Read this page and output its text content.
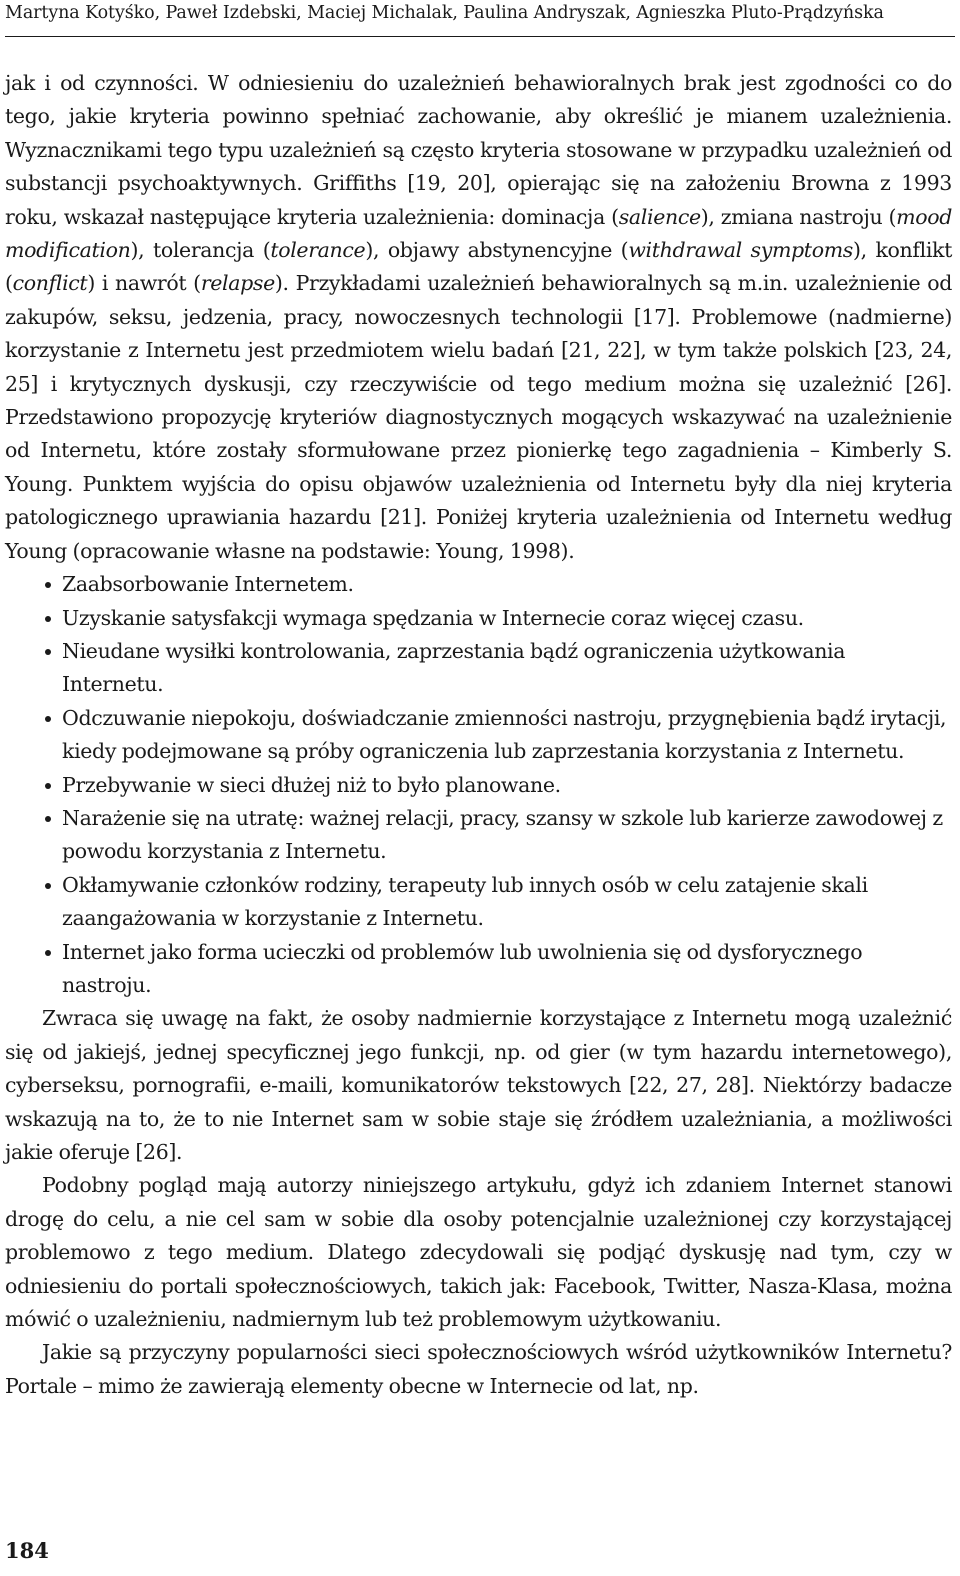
Martyna Kotyśko, Paweł Izdebski, Maciej Michalak, Paulina Andryszak, Agnieszka Pluto-Prądzyńska

jak i od czynności. W odniesieniu do uzależnień behawioralnych brak jest zgodności co do tego, jakie kryteria powinno spełniać zachowanie, aby określić je mianem uzależnienia. Wyznacznikami tego typu uzależnień są często kryteria stosowane w przypadku uzależnień od substancji psychoaktywnych. Griffiths [19, 20], opierając się na założeniu Browna z 1993 roku, wskazał następujące kryteria uzależnienia: dominacja (salience), zmiana nastroju (mood modification), tolerancja (tolerance), objawy abstynencyjne (withdrawal symptoms), konflikt (conflict) i nawrót (relapse). Przykładami uzależnień behawioralnych są m.in. uzależnienie od zakupów, seksu, jedzenia, pracy, nowoczesnych technologii [17]. Problemowe (nadmierne) korzystanie z Internetu jest przedmiotem wielu badań [21, 22], w tym także polskich [23, 24, 25] i krytycznych dyskusji, czy rzeczywiście od tego medium można się uzależnić [26]. Przedstawiono propozycję kryteriów diagnostycznych mogących wskazywać na uzależnienie od Internetu, które zostały sformułowane przez pionierkę tego zagadnienia – Kimberly S. Young. Punktem wyjścia do opisu objawów uzależnienia od Internetu były dla niej kryteria patologicznego uprawiania hazardu [21]. Poniżej kryteria uzależnienia od Internetu według Young (opracowanie własne na podstawie: Young, 1998).

Zaabsorbowanie Internetem.
Uzyskanie satysfakcji wymaga spędzania w Internecie coraz więcej czasu.
Nieudane wysiłki kontrolowania, zaprzestania bądź ograniczenia użytkowania Internetu.
Odczuwanie niepokoju, doświadczanie zmienności nastroju, przygnębienia bądź irytacji, kiedy podejmowane są próby ograniczenia lub zaprzestania korzystania z Internetu.
Przebywanie w sieci dłużej niż to było planowane.
Narażenie się na utratę: ważnej relacji, pracy, szansy w szkole lub karierze zawodowej z powodu korzystania z Internetu.
Okłamywanie członków rodziny, terapeuty lub innych osób w celu zatajenie skali zaangażowania w korzystanie z Internetu.
Internet jako forma ucieczki od problemów lub uwolnienia się od dysforycznego nastroju.

Zwraca się uwagę na fakt, że osoby nadmiernie korzystające z Internetu mogą uzależnić się od jakiejś, jednej specyficznej jego funkcji, np. od gier (w tym hazardu internetowego), cyberseksu, pornografii, e-maili, komunikatorów tekstowych [22, 27, 28]. Niektórzy badacze wskazują na to, że to nie Internet sam w sobie staje się źródłem uzależniania, a możliwości jakie oferuje [26].

Podobny pogląd mają autorzy niniejszego artykułu, gdyż ich zdaniem Internet stanowi drogę do celu, a nie cel sam w sobie dla osoby potencjalnie uzależnionej czy korzystającej problemowo z tego medium. Dlatego zdecydowali się podjąć dyskusję nad tym, czy w odniesieniu do portali społecznościowych, takich jak: Facebook, Twitter, Nasza-Klasa, można mówić o uzależnieniu, nadmiernym lub też problemowym użytkowaniu.

Jakie są przyczyny popularności sieci społecznościowych wśród użytkowników Internetu? Portale – mimo że zawierają elementy obecne w Internecie od lat, np.

184
